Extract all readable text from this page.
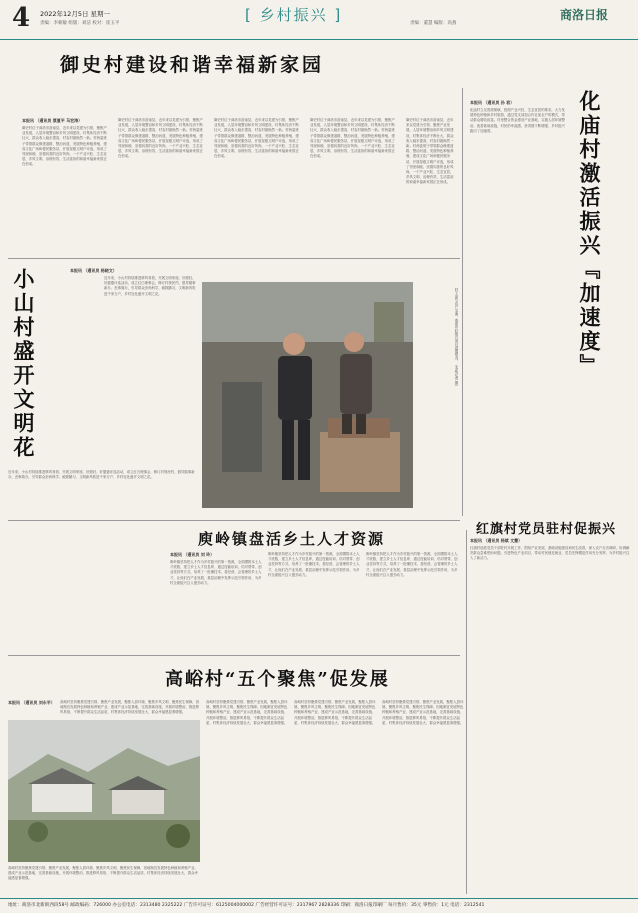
4 2022年12月5日 星期一
责编：李朝敏 组版：刘洁 校对：崔玉平	[ 乡村振兴 ]	责编：董慧 编版：高燕
商洛日报
御史村建设和谐幸福新家园
本报讯 （通讯员 蔡夏平 马宏涛）
御史村位于商洛市洛南县，近年来以党建为引领，聚焦产业发展、人居环境整治和乡风文明建设，村集体经济不断壮大，群众收入稳步提高，村容村貌焕然一新。村两委班子带领群众修建道路、整治河道、发展特色种植养殖，建成文化广场和便民服务站，开展星级文明户评选，形成了邻里和睦、崇德向善的良好风尚，一个产业兴旺、生态宜居、乡风文明、治理有效、生活富裕的和谐幸福新家园正在形成。
御史村位于商洛市洛南县，近年来以党建为引领，聚焦产业发展、人居环境整治和乡风文明建设，村集体经济不断壮大，群众收入稳步提高，村容村貌焕然一新。村两委班子带领群众修建道路、整治河道、发展特色种植养殖，建成文化广场和便民服务站，开展星级文明户评选，形成了邻里和睦、崇德向善的良好风尚，一个产业兴旺、生态宜居、乡风文明、治理有效、生活富裕的和谐幸福新家园正在形成。
御史村位于商洛市洛南县，近年来以党建为引领，聚焦产业发展、人居环境整治和乡风文明建设，村集体经济不断壮大，群众收入稳步提高，村容村貌焕然一新。村两委班子带领群众修建道路、整治河道、发展特色种植养殖，建成文化广场和便民服务站，开展星级文明户评选，形成了邻里和睦、崇德向善的良好风尚，一个产业兴旺、生态宜居、乡风文明、治理有效、生活富裕的和谐幸福新家园正在形成。
御史村位于商洛市洛南县，近年来以党建为引领，聚焦产业发展、人居环境整治和乡风文明建设，村集体经济不断壮大，群众收入稳步提高，村容村貌焕然一新。村两委班子带领群众修建道路、整治河道、发展特色种植养殖，建成文化广场和便民服务站，开展星级文明户评选，形成了邻里和睦、崇德向善的良好风尚，一个产业兴旺、生态宜居、乡风文明、治理有效、生活富裕的和谐幸福新家园正在形成。
御史村位于商洛市洛南县，近年来以党建为引领，聚焦产业发展、人居环境整治和乡风文明建设，村集体经济不断壮大，群众收入稳步提高，村容村貌焕然一新。村两委班子带领群众修建道路、整治河道、发展特色种植养殖，建成文化广场和便民服务站，开展星级文明户评选，形成了邻里和睦、崇德向善的良好风尚，一个产业兴旺、生态宜居、乡风文明、治理有效、生活富裕的和谐幸福新家园正在形成。	化庙村激活振兴『加速度』
本报讯 （通讯员 孙 君）
化庙村立足资源禀赋，按照产业兴旺、生态宜居的要求，大力发展特色种植和乡村旅游，通过党支部加合作社加农户的模式，带动群众增收致富。村里整合资金建设产业基地，实施人居环境整治，改善基础设施，村民的幸福感、获得感不断增强，乡村振兴跑出了加速度。
小山村盛开文明花	本报讯 （通讯员 杨晓文）
近年来，小山村持续推进移风易俗，开展文明家庭、好媳妇、好婆婆评选活动，成立红白理事会，修订村规民约，倡导婚事新办、丧事简办，引导群众崇尚科学、破除陋习，文明新风吹进千家万户，乡村处处盛开文明之花。
近年来，小山村持续推进移风易俗，开展文明家庭、好媳妇、好婆婆评选活动，成立红白理事会，修订村规民约，倡导婚事新办、丧事简办，引导群众崇尚科学、破除陋习，文明新风吹进千家万户，乡村处处盛开文明之花。
村干部与农户交流，查看乡村振兴项目进展情况。（本报记者 摄）
庾岭镇盘活乡土人才资源
本报讯 （通讯员 刘 玲）
庾岭镇坚持把人才作为乡村振兴的第一资源，全面摸排本土人才底数，建立乡土人才信息库，通过技能培训、结对帮带、创业扶持等方式，培养了一批懂技术、善经营、会管理的乡土人才，让他们在产业发展、基层治理中发挥示范引领作用，为乡村全面振兴注入强劲动力。
庾岭镇坚持把人才作为乡村振兴的第一资源，全面摸排本土人才底数，建立乡土人才信息库，通过技能培训、结对帮带、创业扶持等方式，培养了一批懂技术、善经营、会管理的乡土人才，让他们在产业发展、基层治理中发挥示范引领作用，为乡村全面振兴注入强劲动力。
庾岭镇坚持把人才作为乡村振兴的第一资源，全面摸排本土人才底数，建立乡土人才信息库，通过技能培训、结对帮带、创业扶持等方式，培养了一批懂技术、善经营、会管理的乡土人才，让他们在产业发展、基层治理中发挥示范引领作用，为乡村全面振兴注入强劲动力。
红旗村党员驻村促振兴
本报讯 （通讯员 杨斌 文慧）
红旗村选派党员干部驻村开展工作，围绕产业发展、基础设施建设和民生改善，深入农户走访调研，协调解决群众急难愁盼问题，引进特色产业项目，带动村民就近就业，党员先锋模范作用充分发挥，为乡村振兴注入了新活力。
高峪村“五个聚焦”促发展
本报讯 （通讯员 刘永平） 高峪村坚持聚焦党建引领、聚焦产业发展、聚焦人居环境、聚焦乡风文明、聚焦民生保障，因地制宜发展特色种植和养殖产业，建成产业示范基地，完善基础设施，开展环境整治，推进移风易俗，不断提升群众生活品质，村集体经济持续发展壮大，群众幸福感显著增强。
高峪村坚持聚焦党建引领、聚焦产业发展、聚焦人居环境、聚焦乡风文明、聚焦民生保障，因地制宜发展特色种植和养殖产业，建成产业示范基地，完善基础设施，开展环境整治，推进移风易俗，不断提升群众生活品质，村集体经济持续发展壮大，群众幸福感显著增强。
高峪村坚持聚焦党建引领、聚焦产业发展、聚焦人居环境、聚焦乡风文明、聚焦民生保障，因地制宜发展特色种植和养殖产业，建成产业示范基地，完善基础设施，开展环境整治，推进移风易俗，不断提升群众生活品质，村集体经济持续发展壮大，群众幸福感显著增强。
高峪村坚持聚焦党建引领、聚焦产业发展、聚焦人居环境、聚焦乡风文明、聚焦民生保障，因地制宜发展特色种植和养殖产业，建成产业示范基地，完善基础设施，开展环境整治，推进移风易俗，不断提升群众生活品质，村集体经济持续发展壮大，群众幸福感显著增强。
高峪村坚持聚焦党建引领、聚焦产业发展、聚焦人居环境、聚焦乡风文明、聚焦民生保障，因地制宜发展特色种植和养殖产业，建成产业示范基地，完善基础设施，开展环境整治，推进移风易俗，不断提升群众生活品质，村集体经济持续发展壮大，群众幸福感显著增强。
地址：商洛市北新街西段58号 邮政编码：726000 办公室电话：2313480 2325222 广告许可证号：6125004000002 广告经营许可证号：2317967 2828336 印刷：商洛日报印刷厂 每月售价：35元 零售价：1元 电话：2312541
